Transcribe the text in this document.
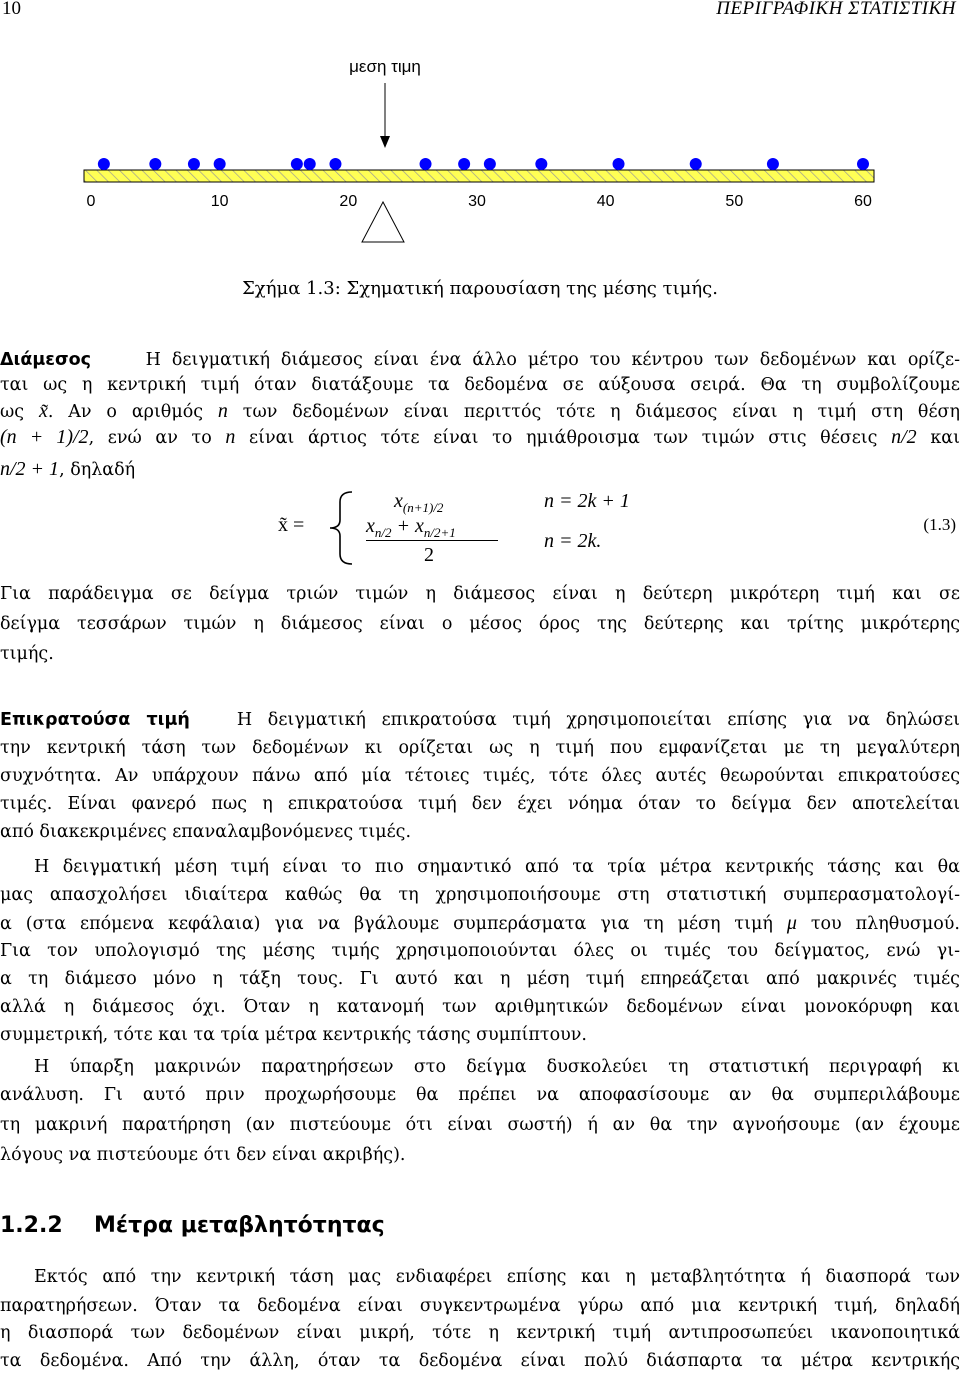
10	ΠΕΡΙΓΡΑΦΙΚΗ ΣΤΑΤΙΣΤΙΚΗ
μεση τιμη
0	10	20	30	40	50	60
Σχήμα 1.3: Σχηματική παρουσίαση της μέσης τιμής.
Διάμεσος	Η δειγματική διάμεσος είναι ένα άλλο μέτρο του κέντρου των δεδομένων και ορίζε-
ται ως η κεντρική τιμή όταν διατάξουμε τα δεδομένα σε αύξουσα σειρά. Θα τη συμβολίζουμε
ως x̃. Αν ο αριθμός n των δεδομένων είναι περιττός τότε η διάμεσος είναι η τιμή στη θέση
(n + 1)/2, ενώ αν το n είναι άρτιος τότε είναι το ημιάθροισμα των τιμών στις θέσεις n/2 και
n/2 + 1, δηλαδή
x̃ =
$x_{(n+1)/2}$	n = 2k + 1
$x_{n/2} + x_{n/2+1}$
2
n = 2k.
(1.3)
Για παράδειγμα σε δείγμα τριών τιμών η διάμεσος είναι η δεύτερη μικρότερη τιμή και σε
δείγμα τεσσάρων τιμών η διάμεσος είναι ο μέσος όρος της δεύτερης και τρίτης μικρότερης
τιμής.
Επικρατούσα τιμή	Η δειγματική επικρατούσα τιμή χρησιμοποιείται επίσης για να δηλώσει
την κεντρική τάση των δεδομένων κι ορίζεται ως η τιμή που εμφανίζεται με τη μεγαλύτερη
συχνότητα. Αν υπάρχουν πάνω από μία τέτοιες τιμές, τότε όλες αυτές θεωρούνται επικρατούσες
τιμές. Είναι φανερό πως η επικρατούσα τιμή δεν έχει νόημα όταν το δείγμα δεν αποτελείται
από διακεκριμένες επαναλαμβονόμενες τιμές.
Η δειγματική μέση τιμή είναι το πιο σημαντικό από τα τρία μέτρα κεντρικής τάσης και θα
μας απασχολήσει ιδιαίτερα καθώς θα τη χρησιμοποιήσουμε στη στατιστική συμπερασματολογί-
α (στα επόμενα κεφάλαια) για να βγάλουμε συμπεράσματα για τη μέση τιμή μ του πληθυσμού.
Για τον υπολογισμό της μέσης τιμής χρησιμοποιούνται όλες οι τιμές του δείγματος, ενώ γι-
α τη διάμεσο μόνο η τάξη τους. Γι αυτό και η μέση τιμή επηρεάζεται από μακρινές τιμές
αλλά η διάμεσος όχι. Όταν η κατανομή των αριθμητικών δεδομένων είναι μονοκόρυφη και
συμμετρική, τότε και τα τρία μέτρα κεντρικής τάσης συμπίπτουν.
Η ύπαρξη μακρινών παρατηρήσεων στο δείγμα δυσκολεύει τη στατιστική περιγραφή κι
ανάλυση. Γι αυτό πριν προχωρήσουμε θα πρέπει να αποφασίσουμε αν θα συμπεριλάβουμε
τη μακρινή παρατήρηση (αν πιστεύουμε ότι είναι σωστή) ή αν θα την αγνοήσουμε (αν έχουμε
λόγους να πιστεύουμε ότι δεν είναι ακριβής).
1.2.2 Μέτρα μεταβλητότητας
Εκτός από την κεντρική τάση μας ενδιαφέρει επίσης και η μεταβλητότητα ή διασπορά των
παρατηρήσεων. Όταν τα δεδομένα είναι συγκεντρωμένα γύρω από μια κεντρική τιμή, δηλαδή
η διασπορά των δεδομένων είναι μικρή, τότε η κεντρική τιμή αντιπροσωπεύει ικανοποιητικά
τα δεδομένα. Από την άλλη, όταν τα δεδομένα είναι πολύ διάσπαρτα τα μέτρα κεντρικής
